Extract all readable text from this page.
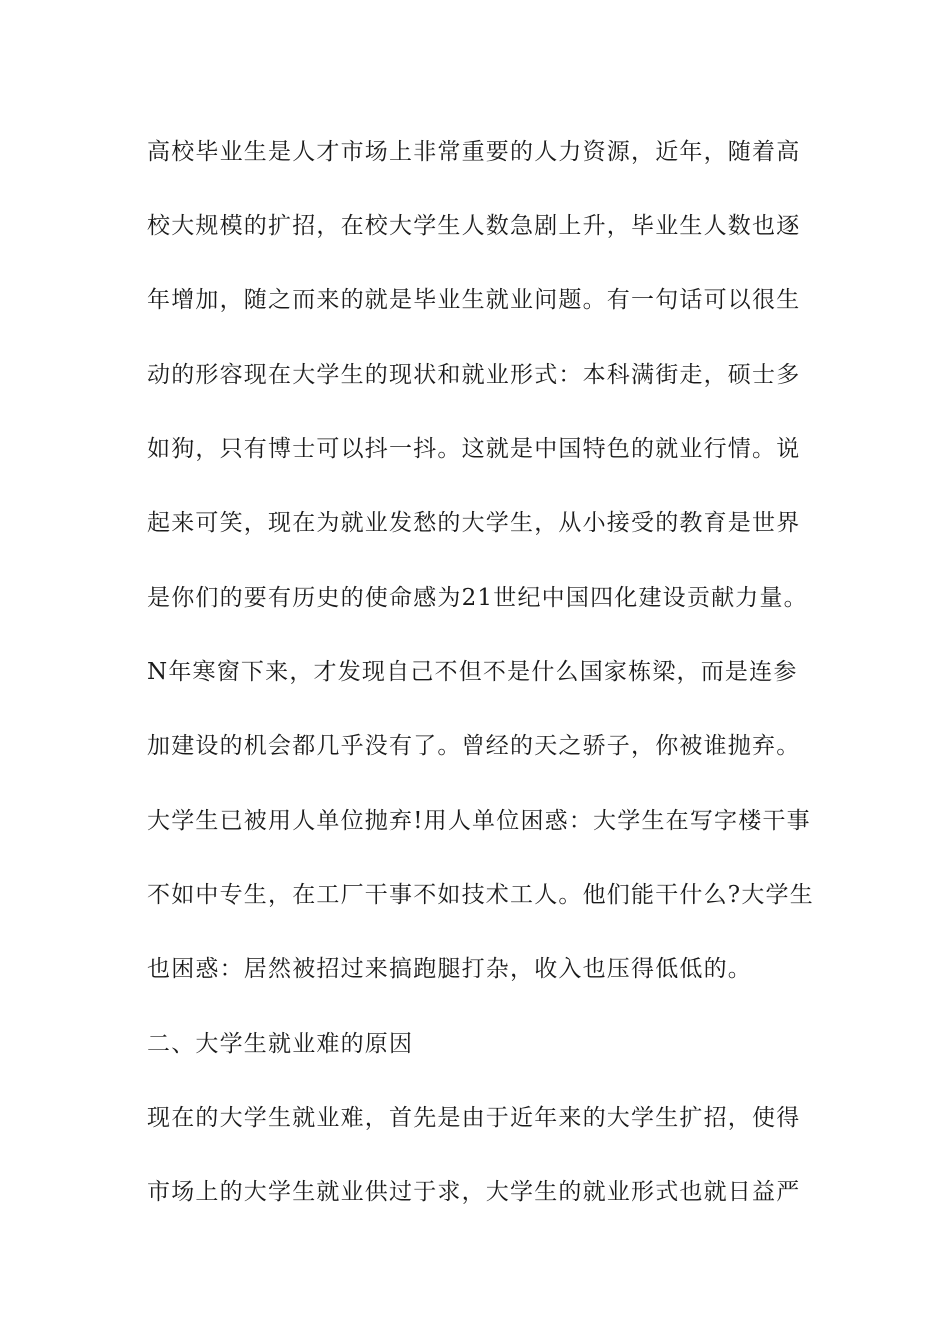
高校毕业生是人才市场上非常重要的人力资源，近年，随着高
校大规模的扩招，在校大学生人数急剧上升，毕业生人数也逐
年增加，随之而来的就是毕业生就业问题。有一句话可以很生
动的形容现在大学生的现状和就业形式：本科满街走，硕士多
如狗，只有博士可以抖一抖。这就是中国特色的就业行情。说
起来可笑，现在为就业发愁的大学生，从小接受的教育是世界
是你们的要有历史的使命感为21世纪中国四化建设贡献力量。
N年寒窗下来，才发现自己不但不是什么国家栋梁，而是连参
加建设的机会都几乎没有了。曾经的天之骄子，你被谁抛弃。
大学生已被用人单位抛弃!用人单位困惑：大学生在写字楼干事
不如中专生，在工厂干事不如技术工人。他们能干什么?大学生
也困惑：居然被招过来搞跑腿打杂，收入也压得低低的。
二、大学生就业难的原因
现在的大学生就业难，首先是由于近年来的大学生扩招，使得
市场上的大学生就业供过于求，大学生的就业形式也就日益严
